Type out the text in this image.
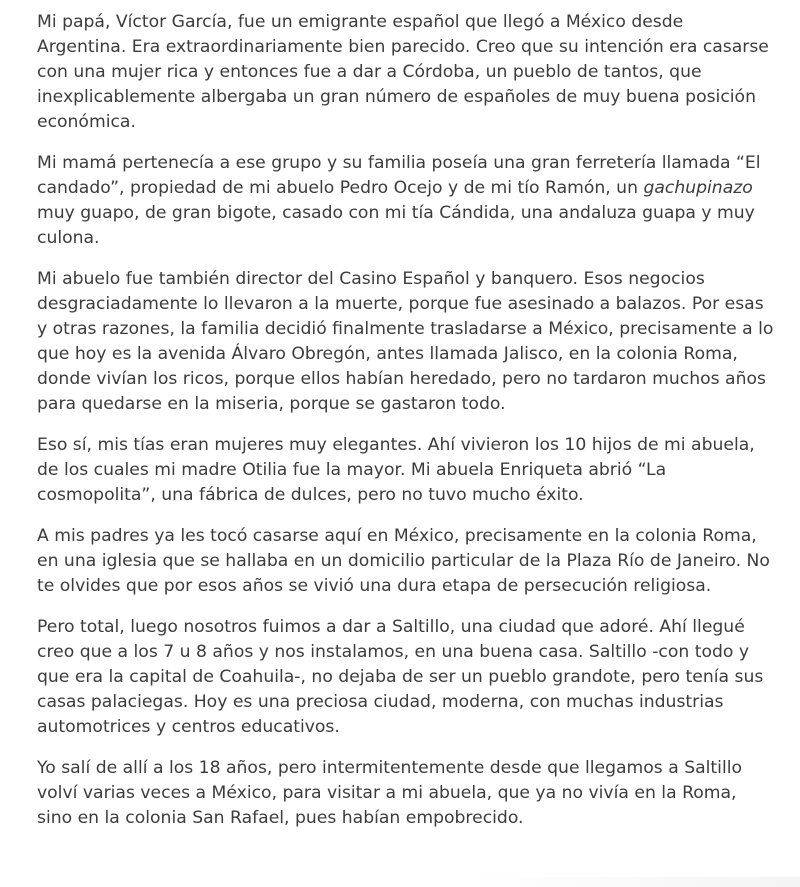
Mi papá, Víctor García, fue un emigrante español que llegó a México desde Argentina. Era extraordinariamente bien parecido. Creo que su intención era casarse con una mujer rica y entonces fue a dar a Córdoba, un pueblo de tantos, que inexplicablemente albergaba un gran número de españoles de muy buena posición económica.

Mi mamá pertenecía a ese grupo y su familia poseía una gran ferretería llamada “El candado”, propiedad de mi abuelo Pedro Ocejo y de mi tío Ramón, un gachupinazo muy guapo, de gran bigote, casado con mi tía Cándida, una andaluza guapa y muy culona.

Mi abuelo fue también director del Casino Español y banquero. Esos negocios desgraciadamente lo llevaron a la muerte, porque fue asesinado a balazos. Por esas y otras razones, la familia decidió finalmente trasladarse a México, precisamente a lo que hoy es la avenida Álvaro Obregón, antes llamada Jalisco, en la colonia Roma, donde vivían los ricos, porque ellos habían heredado, pero no tardaron muchos años para quedarse en la miseria, porque se gastaron todo.

Eso sí, mis tías eran mujeres muy elegantes. Ahí vivieron los 10 hijos de mi abuela, de los cuales mi madre Otilia fue la mayor. Mi abuela Enriqueta abrió “La cosmopolita”, una fábrica de dulces, pero no tuvo mucho éxito.

A mis padres ya les tocó casarse aquí en México, precisamente en la colonia Roma, en una iglesia que se hallaba en un domicilio particular de la Plaza Río de Janeiro. No te olvides que por esos años se vivió una dura etapa de persecución religiosa.

Pero total, luego nosotros fuimos a dar a Saltillo, una ciudad que adoré. Ahí llegué creo que a los 7 u 8 años y nos instalamos, en una buena casa. Saltillo -con todo y que era la capital de Coahuila-, no dejaba de ser un pueblo grandote, pero tenía sus casas palaciegas. Hoy es una preciosa ciudad, moderna, con muchas industrias automotrices y centros educativos.

Yo salí de allí a los 18 años, pero intermitentemente desde que llegamos a Saltillo volví varias veces a México, para visitar a mi abuela, que ya no vivía en la Roma, sino en la colonia San Rafael, pues habían empobrecido.
